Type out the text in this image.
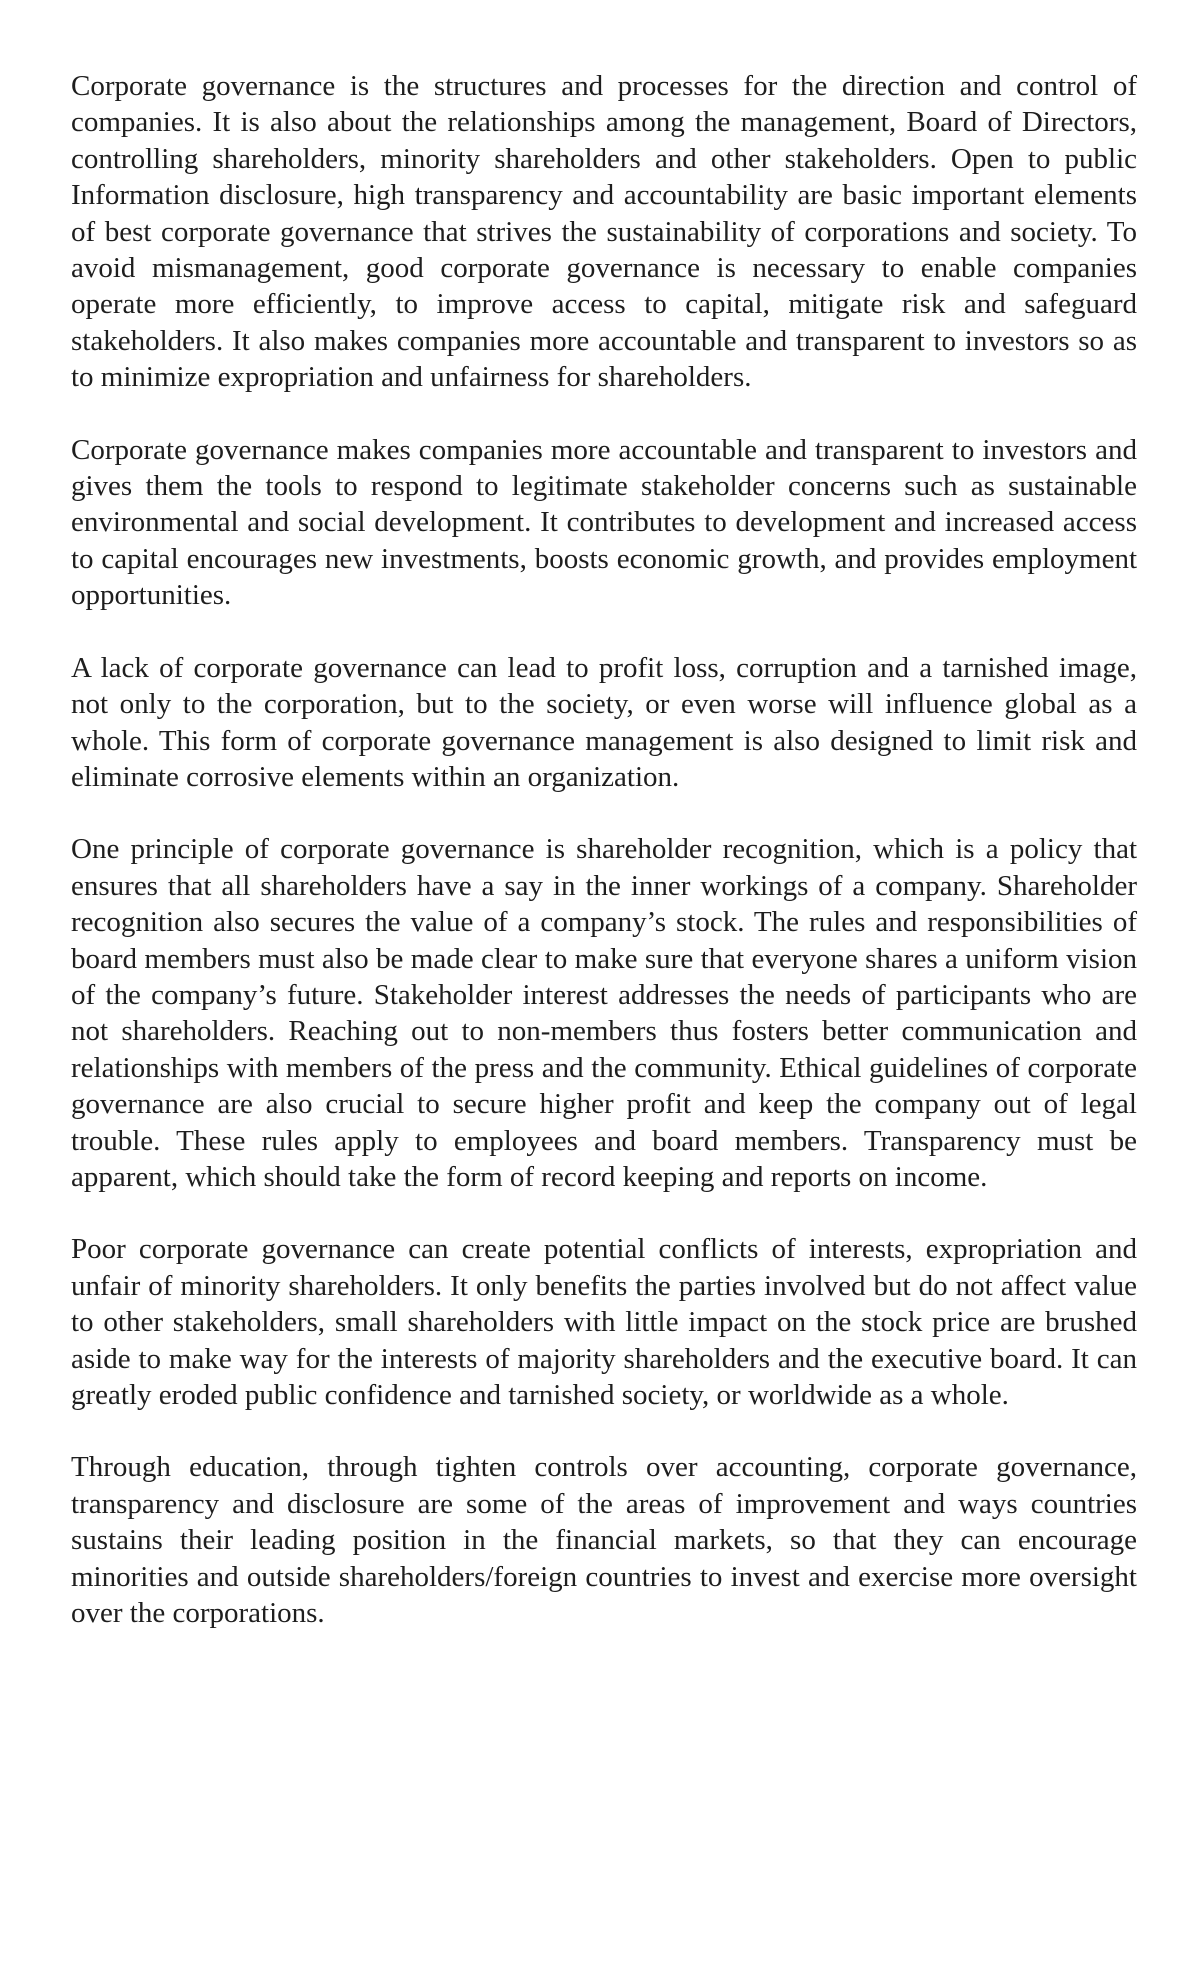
Corporate governance is the structures and processes for the direction and control of companies. It is also about the relationships among the management, Board of Directors, controlling shareholders, minority shareholders and other stakeholders. Open to public Information disclosure, high transparency and accountability are basic important elements of best corporate governance that strives the sustainability of corporations and society. To avoid mismanagement, good corporate governance is necessary to enable companies operate more efficiently, to improve access to capital, mitigate risk and safeguard stakeholders. It also makes companies more accountable and transparent to investors so as to minimize expropriation and unfairness for shareholders.

Corporate governance makes companies more accountable and transparent to investors and gives them the tools to respond to legitimate stakeholder concerns such as sustainable environmental and social development. It contributes to development and increased access to capital encourages new investments, boosts economic growth, and provides employment opportunities.

A lack of corporate governance can lead to profit loss, corruption and a tarnished image, not only to the corporation, but to the society, or even worse will influence global as a whole. This form of corporate governance management is also designed to limit risk and eliminate corrosive elements within an organization.

One principle of corporate governance is shareholder recognition, which is a policy that ensures that all shareholders have a say in the inner workings of a company. Shareholder recognition also secures the value of a company’s stock. The rules and responsibilities of board members must also be made clear to make sure that everyone shares a uniform vision of the company’s future. Stakeholder interest addresses the needs of participants who are not shareholders. Reaching out to non-members thus fosters better communication and relationships with members of the press and the community. Ethical guidelines of corporate governance are also crucial to secure higher profit and keep the company out of legal trouble. These rules apply to employees and board members. Transparency must be apparent, which should take the form of record keeping and reports on income.

Poor corporate governance can create potential conflicts of interests, expropriation and unfair of minority shareholders. It only benefits the parties involved but do not affect value to other stakeholders, small shareholders with little impact on the stock price are brushed aside to make way for the interests of majority shareholders and the executive board. It can greatly eroded public confidence and tarnished society, or worldwide as a whole.

Through education, through tighten controls over accounting, corporate governance, transparency and disclosure are some of the areas of improvement and ways countries sustains their leading position in the financial markets, so that they can encourage minorities and outside shareholders/foreign countries to invest and exercise more oversight over the corporations.
